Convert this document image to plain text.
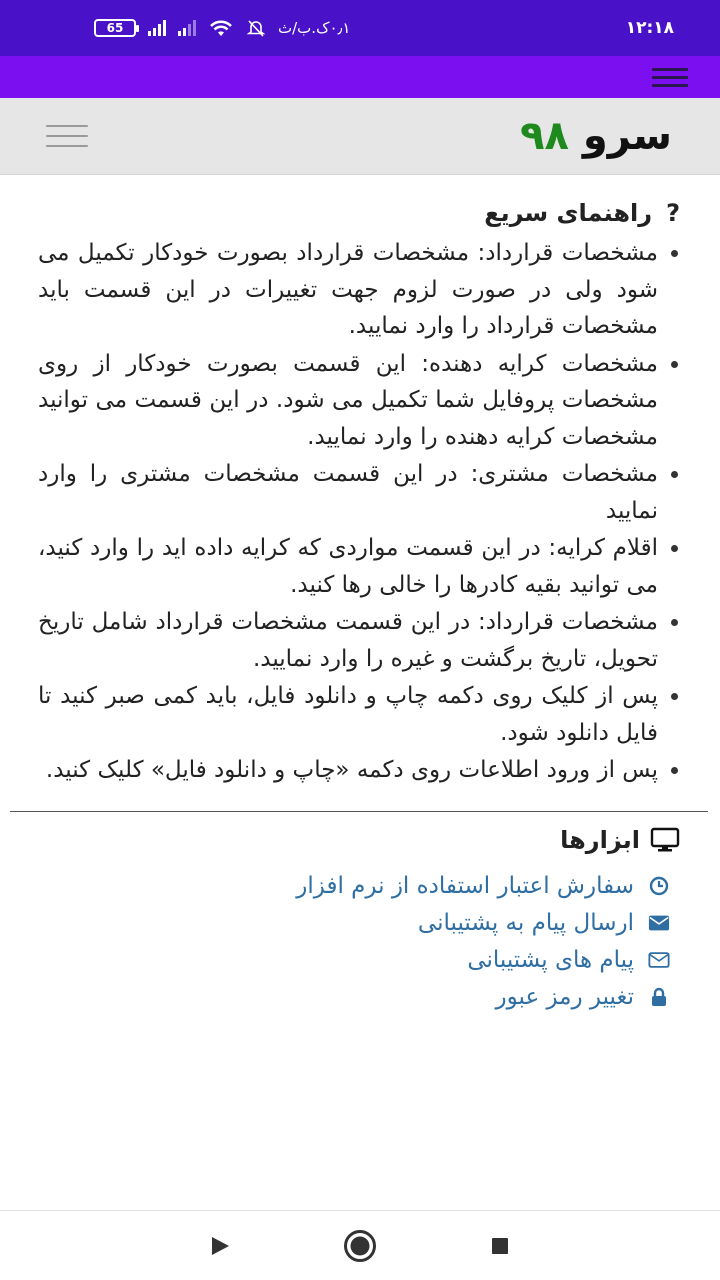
65	۰٫۱ک.ب/ث	۱۲:۱۸
سرو ۹۸
?
راهنمای سریع
مشخصات قرارداد: مشخصات قرارداد بصورت خودکار تکمیل می شود ولی در صورت لزوم جهت تغییرات در این قسمت باید مشخصات قرارداد را وارد نمایید.
مشخصات کرایه دهنده: این قسمت بصورت خودکار از روی مشخصات پروفایل شما تکمیل می شود. در این قسمت می توانید مشخصات کرایه دهنده را وارد نمایید.
مشخصات مشتری: در این قسمت مشخصات مشتری را وارد نمایید
اقلام کرایه: در این قسمت مواردی که کرایه داده اید را وارد کنید، می توانید بقیه کادرها را خالی رها کنید.
مشخصات قرارداد: در این قسمت مشخصات قرارداد شامل تاریخ تحویل، تاریخ برگشت و غیره را وارد نمایید.
پس از کلیک روی دکمه چاپ و دانلود فایل، باید کمی صبر کنید تا فایل دانلود شود.
پس از ورود اطلاعات روی دکمه «چاپ و دانلود فایل» کلیک کنید.
ابزارها
سفارش اعتبار استفاده از نرم افزار
ارسال پیام به پشتیبانی
پیام های پشتیبانی
تغییر رمز عبور
